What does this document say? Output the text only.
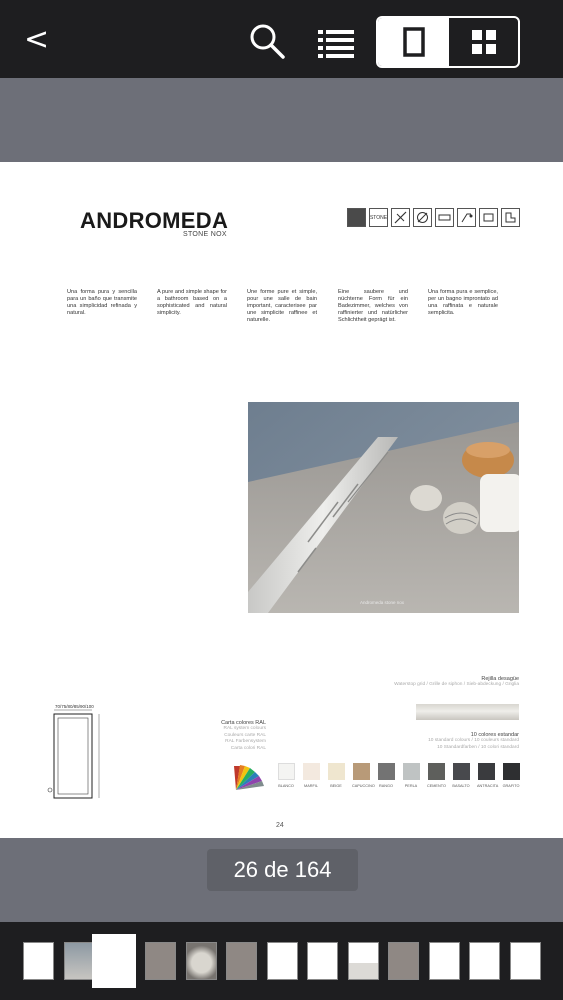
<
ANDROMEDA
STONE NOX
STONE
Una forma pura y sencilla para un baño que transmite una simplicidad refinada y natural.
A pure and simple shape for a bathroom based on a sophisticated and natural simplicity.
Une forme pure et simple, pour une salle de bain important, caracterisee par une simplicite raffinee et naturelle.
Eine saubere und nüchterne Form für ein Badezimmer, welches von raffinierter und natürlicher Schlichtheit geprägt ist.
Una forma pura e semplice, per un bagno improntato ad una raffinata e naturale semplicita.
Andromeda stone nox
70/75/80/85/90/100
Carta colores RAL
RAL system colours
Couleurs carte RAL
RAL Farbensystem
Carta colori RAL
Rejilla desagüe
Waterstop grid / Grille de siphon / Sieb-abdeckung / Griglia
10 colores estandar
10 standard colours / 10 couleurs standard
10 Standardfarben / 10 colori standard
BLANCO	MARFIL	BEIGE	CAPUCCINO	RANGO	PERLA	CEMENTO BASALTO ANTRACITA GRAFITO
24
26 de 164
